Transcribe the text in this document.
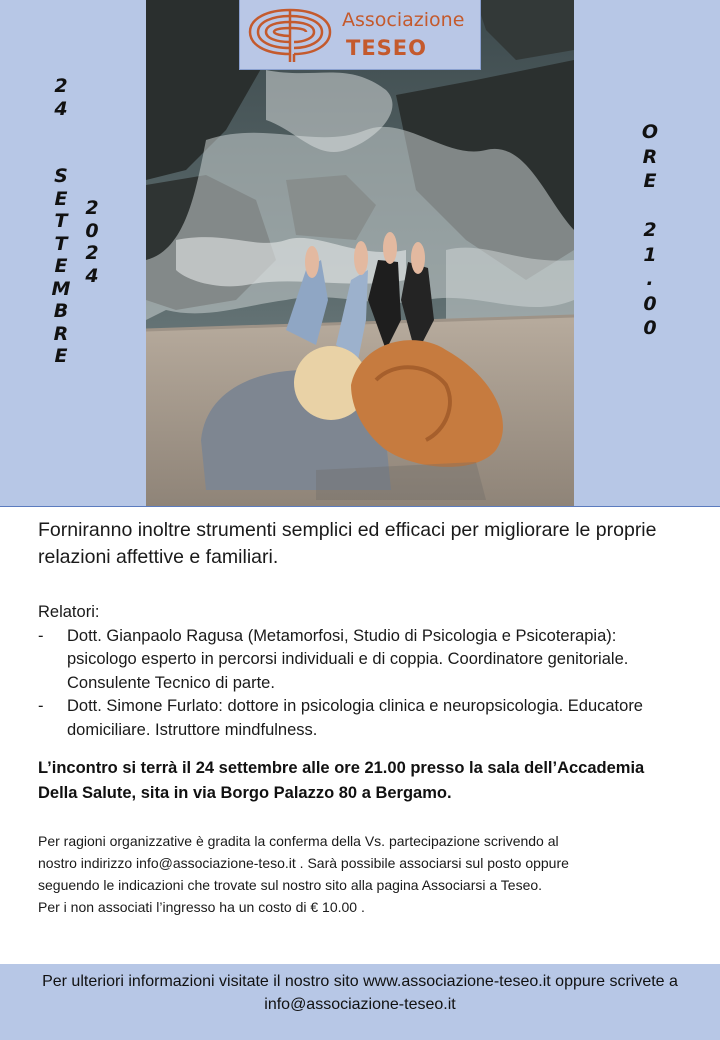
Associazione
TESEO
2
4
S
E
T
T
E
M
B
R
E
2
0
2
4
O
R
E

2
1
.
0
0
Forniranno inoltre strumenti semplici ed efficaci per migliorare le proprie relazioni affettive e familiari.
Relatori:
- Dott. Gianpaolo Ragusa (Metamorfosi, Studio di Psicologia e Psicoterapia): psicologo esperto in percorsi individuali e di coppia. Coordinatore genitoriale. Consulente Tecnico di parte.
- Dott. Simone Furlato: dottore in psicologia clinica e neuropsicologia. Educatore domiciliare. Istruttore mindfulness.
L’incontro si terrà il 24 settembre alle ore 21.00 presso la sala dell’Accademia Della Salute, sita in via Borgo Palazzo 80 a Bergamo.
Per ragioni organizzative è gradita la conferma della Vs. partecipazione scrivendo al
nostro indirizzo info@associazione-teso.it . Sarà possibile associarsi sul posto oppure
seguendo le indicazioni che trovate sul nostro sito alla pagina Associarsi a Teseo.
Per i non associati l’ingresso ha un costo di € 10.00 .
Per ulteriori informazioni visitate il nostro sito www.associazione-teseo.it oppure scrivete a
info@associazione-teseo.it
